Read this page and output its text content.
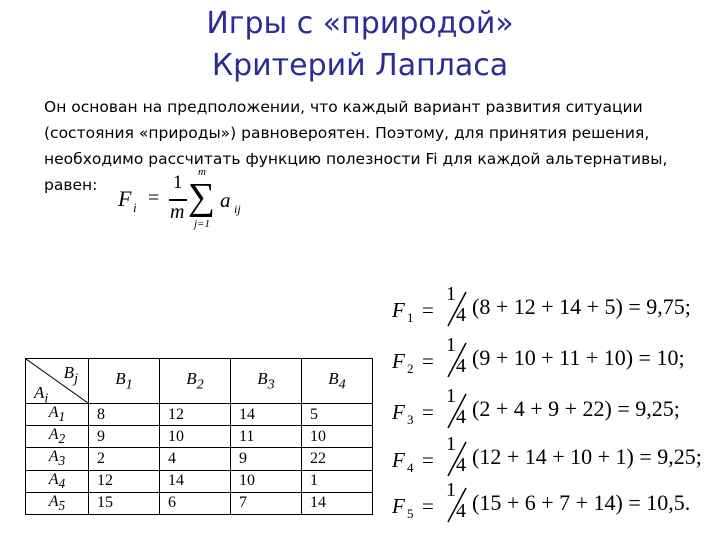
Игры с «природой»
Критерий Лапласа
Он основан на предположении, что каждый вариант развития ситуации
(состояния «природы») равновероятен. Поэтому, для принятия решения,
необходимо рассчитать функцию полезности Fi для каждой альтернативы,
равен:
F i =
1
m ∑
m
j=1
a ij
$B_j$
$A_i$	$B_1$	$B_2$	$B_3$	$B_4$
$A_1$	8	12	14	5
$A_2$	9	10	11	10
$A_3$	2	4	9	22
$A_4$	12	14	10	1
$A_5$	15	6	7	14
F 1 =
1
4 (8 + 12 + 14 + 5) = 9,75;
F 2 =
1
4 (9 + 10 + 11 + 10) = 10;
F 3 =
1
4 (2 + 4 + 9 + 22) = 9,25;
F 4 =
1
4 (12 + 14 + 10 + 1) = 9,25;
F 5 =
1
4 (15 + 6 + 7 + 14) = 10,5.
